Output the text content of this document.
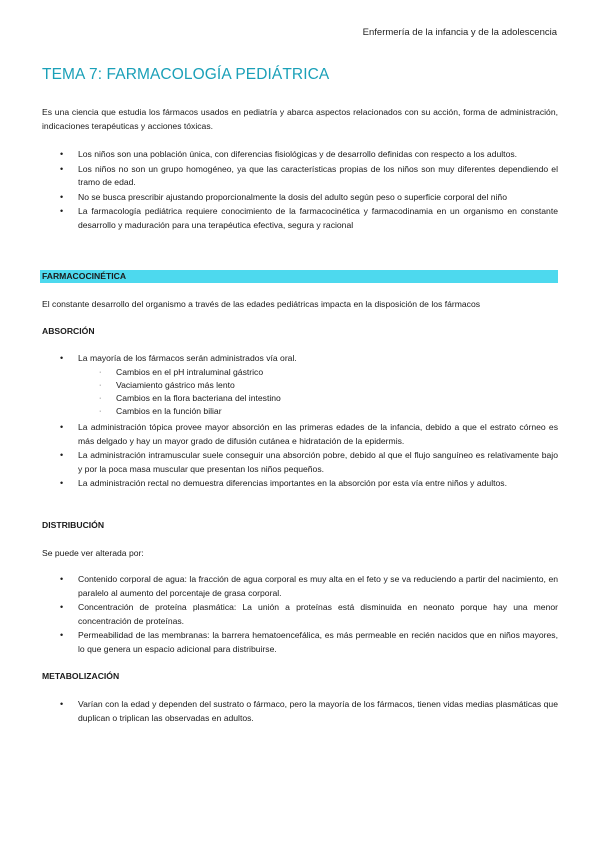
Enfermería de la infancia y de la adolescencia
TEMA 7: FARMACOLOGÍA PEDIÁTRICA
Es una ciencia que estudia los fármacos usados en pediatría y abarca aspectos relacionados con su acción, forma de administración, indicaciones terapéuticas y acciones tóxicas.
• Los niños son una población única, con diferencias fisiológicas y de desarrollo definidas con respecto a los adultos.
• Los niños no son un grupo homogéneo, ya que las características propias de los niños son muy diferentes dependiendo el tramo de edad.
• No se busca prescribir ajustando proporcionalmente la dosis del adulto según peso o superficie corporal del niño
• La farmacología pediátrica requiere conocimiento de la farmacocinética y farmacodinamia en un organismo en constante desarrollo y maduración para una terapéutica efectiva, segura y racional
FARMACOCINÉTICA
El constante desarrollo del organismo a través de las edades pediátricas impacta en la disposición de los fármacos
ABSORCIÓN
• La mayoría de los fármacos serán administrados vía oral.
· Cambios en el pH intraluminal gástrico
· Vaciamiento gástrico más lento
· Cambios en la flora bacteriana del intestino
· Cambios en la función biliar
• La administración tópica provee mayor absorción en las primeras edades de la infancia, debido a que el estrato córneo es más delgado y hay un mayor grado de difusión cutánea e hidratación de la epidermis.
• La administración intramuscular suele conseguir una absorción pobre, debido al que el flujo sanguíneo es relativamente bajo y por la poca masa muscular que presentan los niños pequeños.
• La administración rectal no demuestra diferencias importantes en la absorción por esta vía entre niños y adultos.
DISTRIBUCIÓN
Se puede ver alterada por:
• Contenido corporal de agua: la fracción de agua corporal es muy alta en el feto y se va reduciendo a partir del nacimiento, en paralelo al aumento del porcentaje de grasa corporal.
• Concentración de proteína plasmática: La unión a proteínas está disminuida en neonato porque hay una menor concentración de proteínas.
• Permeabilidad de las membranas: la barrera hematoencefálica, es más permeable en recién nacidos que en niños mayores, lo que genera un espacio adicional para distribuirse.
METABOLIZACIÓN
• Varían con la edad y dependen del sustrato o fármaco, pero la mayoría de los fármacos, tienen vidas medias plasmáticas que duplican o triplican las observadas en adultos.
